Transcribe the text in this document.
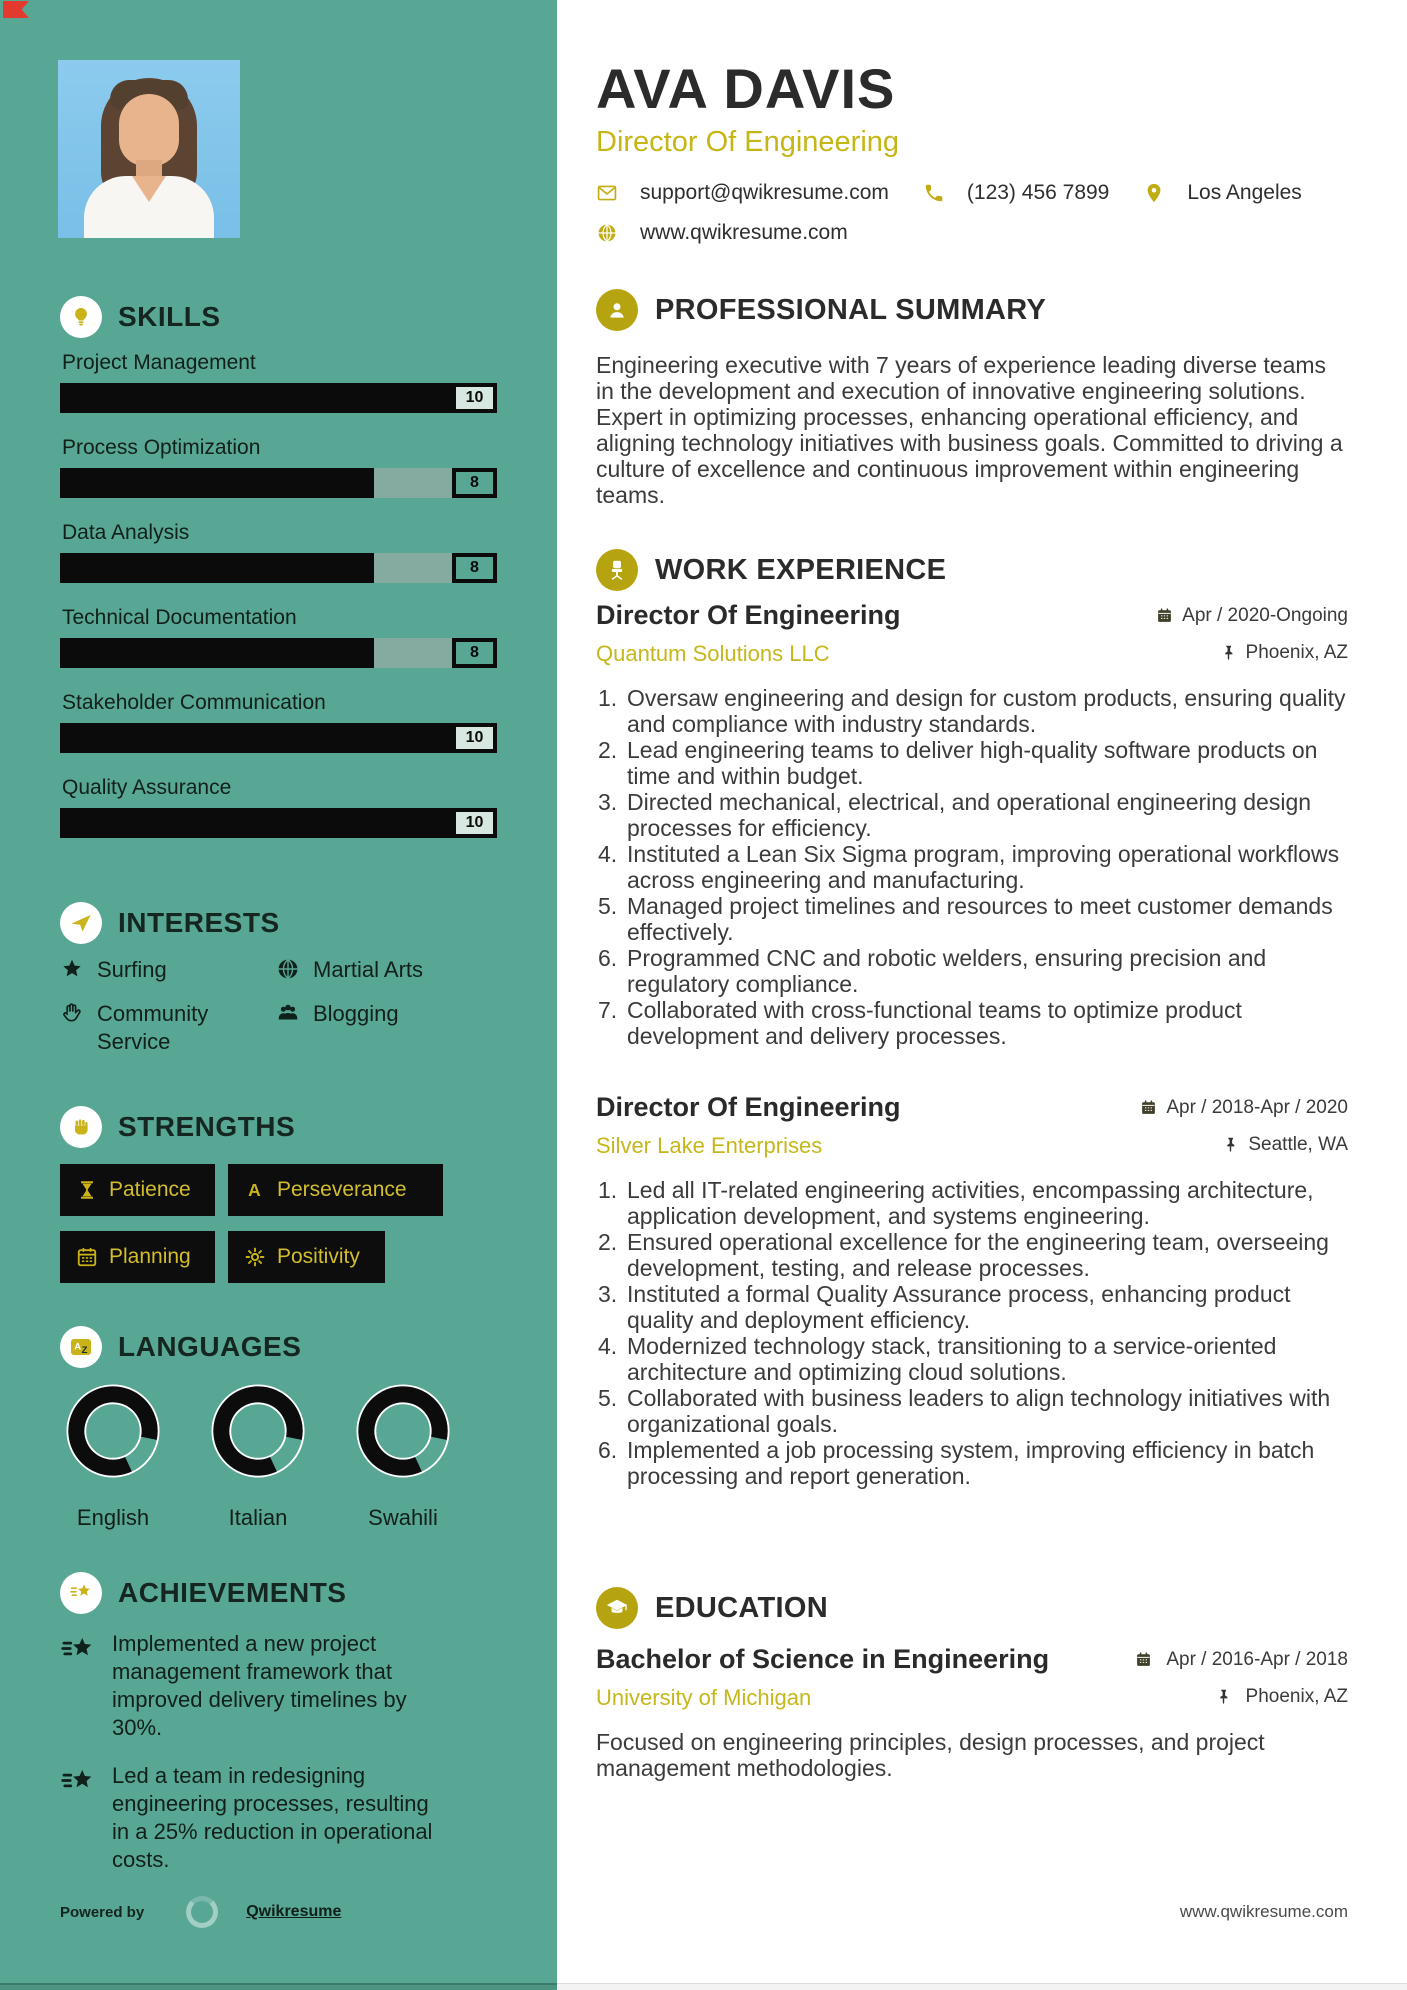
SKILLS
Project Management
10
Process Optimization
8
Data Analysis
8
Technical Documentation
8
Stakeholder Communication
10
Quality Assurance
10
INTERESTS
Surfing	Martial Arts
Community Service
Blogging
STRENGTHS
Patience	A Perseverance
Planning	Positivity
A Z LANGUAGES
English	Italian	Swahili
ACHIEVEMENTS
Implemented a new project management framework that improved delivery timelines by 30%.
Led a team in redesigning engineering processes, resulting in a 25% reduction in operational costs.
Powered by	Qwikresume
AVA DAVIS
Director Of Engineering
support@qwikresume.com	(123) 456 7899	Los Angeles
www.qwikresume.com
PROFESSIONAL SUMMARY
Engineering executive with 7 years of experience leading diverse teams in the development and execution of innovative engineering solutions. Expert in optimizing processes, enhancing operational efficiency, and aligning technology initiatives with business goals. Committed to driving a culture of excellence and continuous improvement within engineering teams.
WORK EXPERIENCE
Director Of Engineering	Apr / 2020-Ongoing
Quantum Solutions LLC	Phoenix, AZ
Oversaw engineering and design for custom products, ensuring quality and compliance with industry standards.
Lead engineering teams to deliver high-quality software products on time and within budget.
Directed mechanical, electrical, and operational engineering design processes for efficiency.
Instituted a Lean Six Sigma program, improving operational workflows across engineering and manufacturing.
Managed project timelines and resources to meet customer demands effectively.
Programmed CNC and robotic welders, ensuring precision and regulatory compliance.
Collaborated with cross-functional teams to optimize product development and delivery processes.
Director Of Engineering	Apr / 2018-Apr / 2020
Silver Lake Enterprises	Seattle, WA
Led all IT-related engineering activities, encompassing architecture, application development, and systems engineering.
Ensured operational excellence for the engineering team, overseeing development, testing, and release processes.
Instituted a formal Quality Assurance process, enhancing product quality and deployment efficiency.
Modernized technology stack, transitioning to a service-oriented architecture and optimizing cloud solutions.
Collaborated with business leaders to align technology initiatives with organizational goals.
Implemented a job processing system, improving efficiency in batch processing and report generation.
EDUCATION
Bachelor of Science in Engineering	Apr / 2016-Apr / 2018
University of Michigan	Phoenix, AZ
Focused on engineering principles, design processes, and project management methodologies.
www.qwikresume.com
